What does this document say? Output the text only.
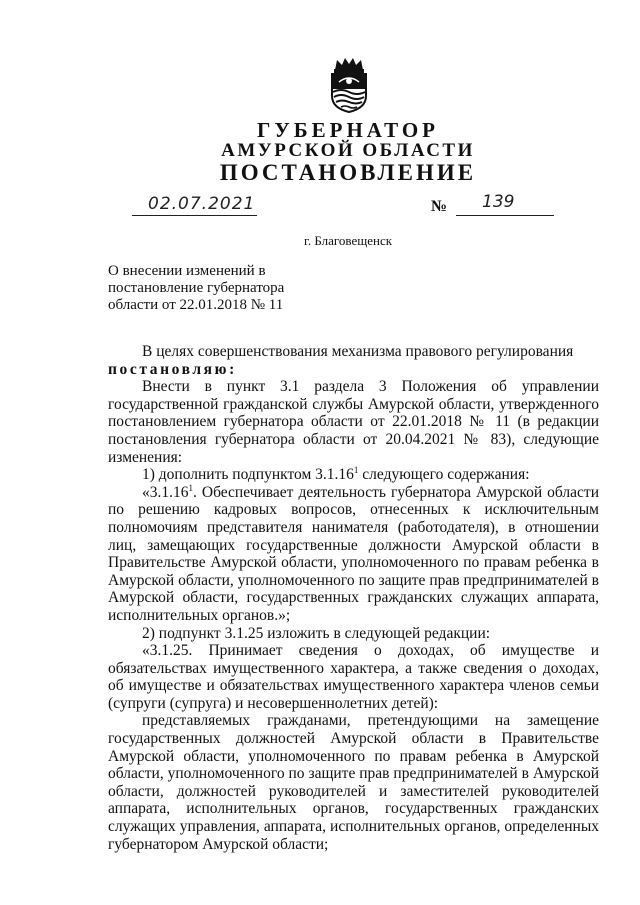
ГУБЕРНАТОР
АМУРСКОЙ ОБЛАСТИ
ПОСТАНОВЛЕНИЕ
02.07.2021	№ 139
г. Благовещенск
О внесении изменений в
постановление губернатора
области от 22.01.2018 № 11

В целях совершенствования механизма правового регулирования

постановляю:

Внести в пункт 3.1 раздела 3 Положения об управлении государственной гражданской службы Амурской области, утвержденного постановлением губернатора области от 22.01.2018 № 11 (в редакции постановления губернатора области от 20.04.2021 № 83), следующие изменения:

1) дополнить подпунктом 3.1.16$^1$ следующего содержания:

«3.1.16$^1$. Обеспечивает деятельность губернатора Амурской области по решению кадровых вопросов, отнесенных к исключительным полномочиям представителя нанимателя (работодателя), в отношении лиц, замещающих государственные должности Амурской области в Правительстве Амурской области, уполномоченного по правам ребенка в Амурской области, уполномоченного по защите прав предпринимателей в Амурской области, государственных гражданских служащих аппарата, исполнительных органов.»;

2) подпункт 3.1.25 изложить в следующей редакции:

«3.1.25. Принимает сведения о доходах, об имуществе и обязательствах имущественного характера, а также сведения о доходах, об имуществе и обязательствах имущественного характера членов семьи (супруги (супруга) и несовершеннолетних детей):

представляемых гражданами, претендующими на замещение государственных должностей Амурской области в Правительстве Амурской области, уполномоченного по правам ребенка в Амурской области, уполномоченного по защите прав предпринимателей в Амурской области, должностей руководителей и заместителей руководителей аппарата, исполнительных органов, государственных гражданских служащих управления, аппарата, исполнительных органов, определенных губернатором Амурской области;
